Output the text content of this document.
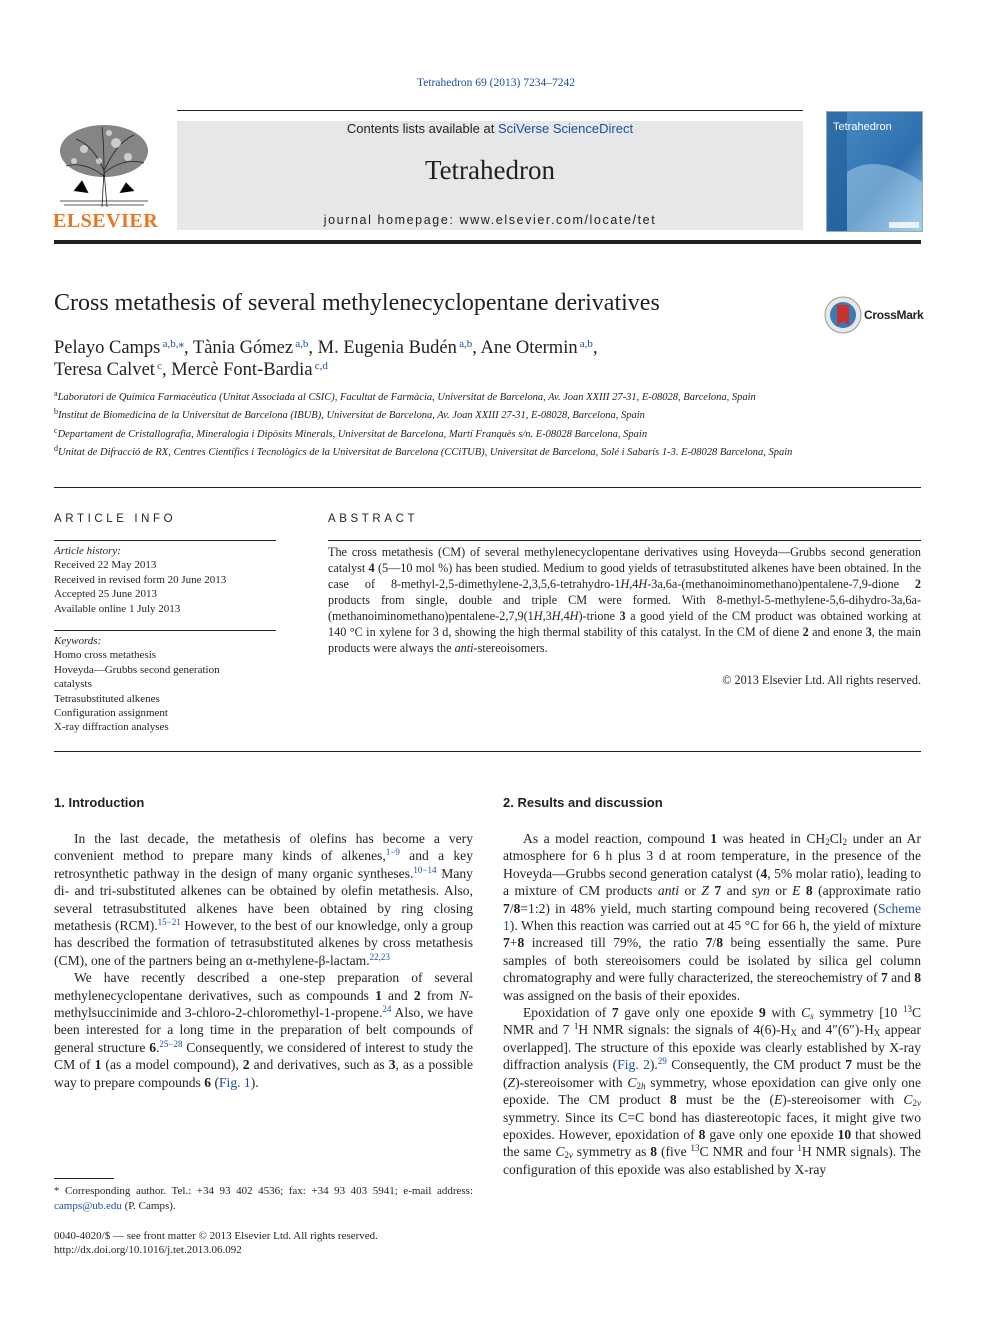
Tetrahedron 69 (2013) 7234–7242
ELSEVIER
Contents lists available at SciVerse ScienceDirect
Tetrahedron
journal homepage: www.elsevier.com/locate/tet
Tetrahedron
Cross metathesis of several methylenecyclopentane derivatives	CrossMark
Pelayo Camps $^{a,b,⁎}$, Tània Gómez $^{a,b}$, M. Eugenia Budén $^{a,b}$, Ane Otermin $^{a,b}$,
Teresa Calvet $^c$, Mercè Font-Bardia $^{c,d}$
$^a$Laboratori de Química Farmacèutica (Unitat Associada al CSIC), Facultat de Farmàcia, Universitat de Barcelona, Av. Joan XXIII 27-31, E-08028, Barcelona, Spain
$^b$Institut de Biomedicina de la Universitat de Barcelona (IBUB), Universitat de Barcelona, Av. Joan XXIII 27-31, E-08028, Barcelona, Spain
$^c$Departament de Cristallografia, Mineralogia i Dipòsits Minerals, Universitat de Barcelona, Martí Franquès s/n. E-08028 Barcelona, Spain
$^d$Unitat de Difracció de RX, Centres Científics i Tecnològics de la Universitat de Barcelona (CCiTUB), Universitat de Barcelona, Solé i Sabarís 1-3. E-08028 Barcelona, Spain
ARTICLE INFO
Article history:
Received 22 May 2013
Received in revised form 20 June 2013
Accepted 25 June 2013
Available online 1 July 2013
Keywords:
Homo cross metathesis
Hoveyda—Grubbs second generation
catalysts
Tetrasubstituted alkenes
Configuration assignment
X-ray diffraction analyses
ABSTRACT
The cross metathesis (CM) of several methylenecyclopentane derivatives using Hoveyda—Grubbs second generation catalyst 4 (5—10 mol %) has been studied. Medium to good yields of tetrasubstituted alkenes have been obtained. In the case of 8-methyl-2,5-dimethylene-2,3,5,6-tetrahydro-1H,4H-3a,6a-(methanoiminomethano)pentalene-7,9-dione 2 products from single, double and triple CM were formed. With 8-methyl-5-methylene-5,6-dihydro-3a,6a-(methanoiminomethano)pentalene-2,7,9(1H,3H,4H)-trione 3 a good yield of the CM product was obtained working at 140 °C in xylene for 3 d, showing the high thermal stability of this catalyst. In the CM of diene 2 and enone 3, the main products were always the anti-stereoisomers.
© 2013 Elsevier Ltd. All rights reserved.
1. Introduction	2. Results and discussion

In the last decade, the metathesis of olefins has become a very convenient method to prepare many kinds of alkenes,$^{1-9}$ and a key retrosynthetic pathway in the design of many organic syntheses.$^{10-14}$ Many di- and tri-substituted alkenes can be obtained by olefin metathesis. Also, several tetrasubstituted alkenes have been obtained by ring closing metathesis (RCM).$^{15-21}$ However, to the best of our knowledge, only a group has described the formation of tetrasubstituted alkenes by cross metathesis (CM), one of the partners being an α-methylene-β-lactam.$^{22,23}$

We have recently described a one-step preparation of several methylenecyclopentane derivatives, such as compounds 1 and 2 from N-methylsuccinimide and 3-chloro-2-chloromethyl-1-propene.$^{24}$ Also, we have been interested for a long time in the preparation of belt compounds of general structure 6.$^{25-28}$ Consequently, we considered of interest to study the CM of 1 (as a model compound), 2 and derivatives, such as 3, as a possible way to prepare compounds 6 (Fig. 1).

* Corresponding author. Tel.: +34 93 402 4536; fax: +34 93 403 5941; e-mail address: camps@ub.edu (P. Camps).
0040-4020/$ — see front matter © 2013 Elsevier Ltd. All rights reserved.
http://dx.doi.org/10.1016/j.tet.2013.06.092

As a model reaction, compound 1 was heated in $CH_2Cl_2$ under an Ar atmosphere for 6 h plus 3 d at room temperature, in the presence of the Hoveyda—Grubbs second generation catalyst (4, 5% molar ratio), leading to a mixture of CM products anti or Z 7 and syn or E 8 (approximate ratio 7/8=1:2) in 48% yield, much starting compound being recovered (Scheme 1). When this reaction was carried out at 45 °C for 66 h, the yield of mixture 7+8 increased till 79%, the ratio 7/8 being essentially the same. Pure samples of both stereoisomers could be isolated by silica gel column chromatography and were fully characterized, the stereochemistry of 7 and 8 was assigned on the basis of their epoxides.

Epoxidation of 7 gave only one epoxide 9 with $C_s$ symmetry [10 $^{13}$C NMR and 7 $^1$H NMR signals: the signals of $4(6)-H_X$ and $4''(6'')-H_X$ appear overlapped]. The structure of this epoxide was clearly established by X-ray diffraction analysis (Fig. 2).$^{29}$ Consequently, the CM product 7 must be the (Z)-stereoisomer with $C_{2h}$ symmetry, whose epoxidation can give only one epoxide. The CM product 8 must be the (E)-stereoisomer with $C_{2v}$ symmetry. Since its C=C bond has diastereotopic faces, it might give two epoxides. However, epoxidation of 8 gave only one epoxide 10 that showed the same $C_{2v}$ symmetry as 8 (five $^{13}$C NMR and four $^1$H NMR signals). The configuration of this epoxide was also established by X-ray
